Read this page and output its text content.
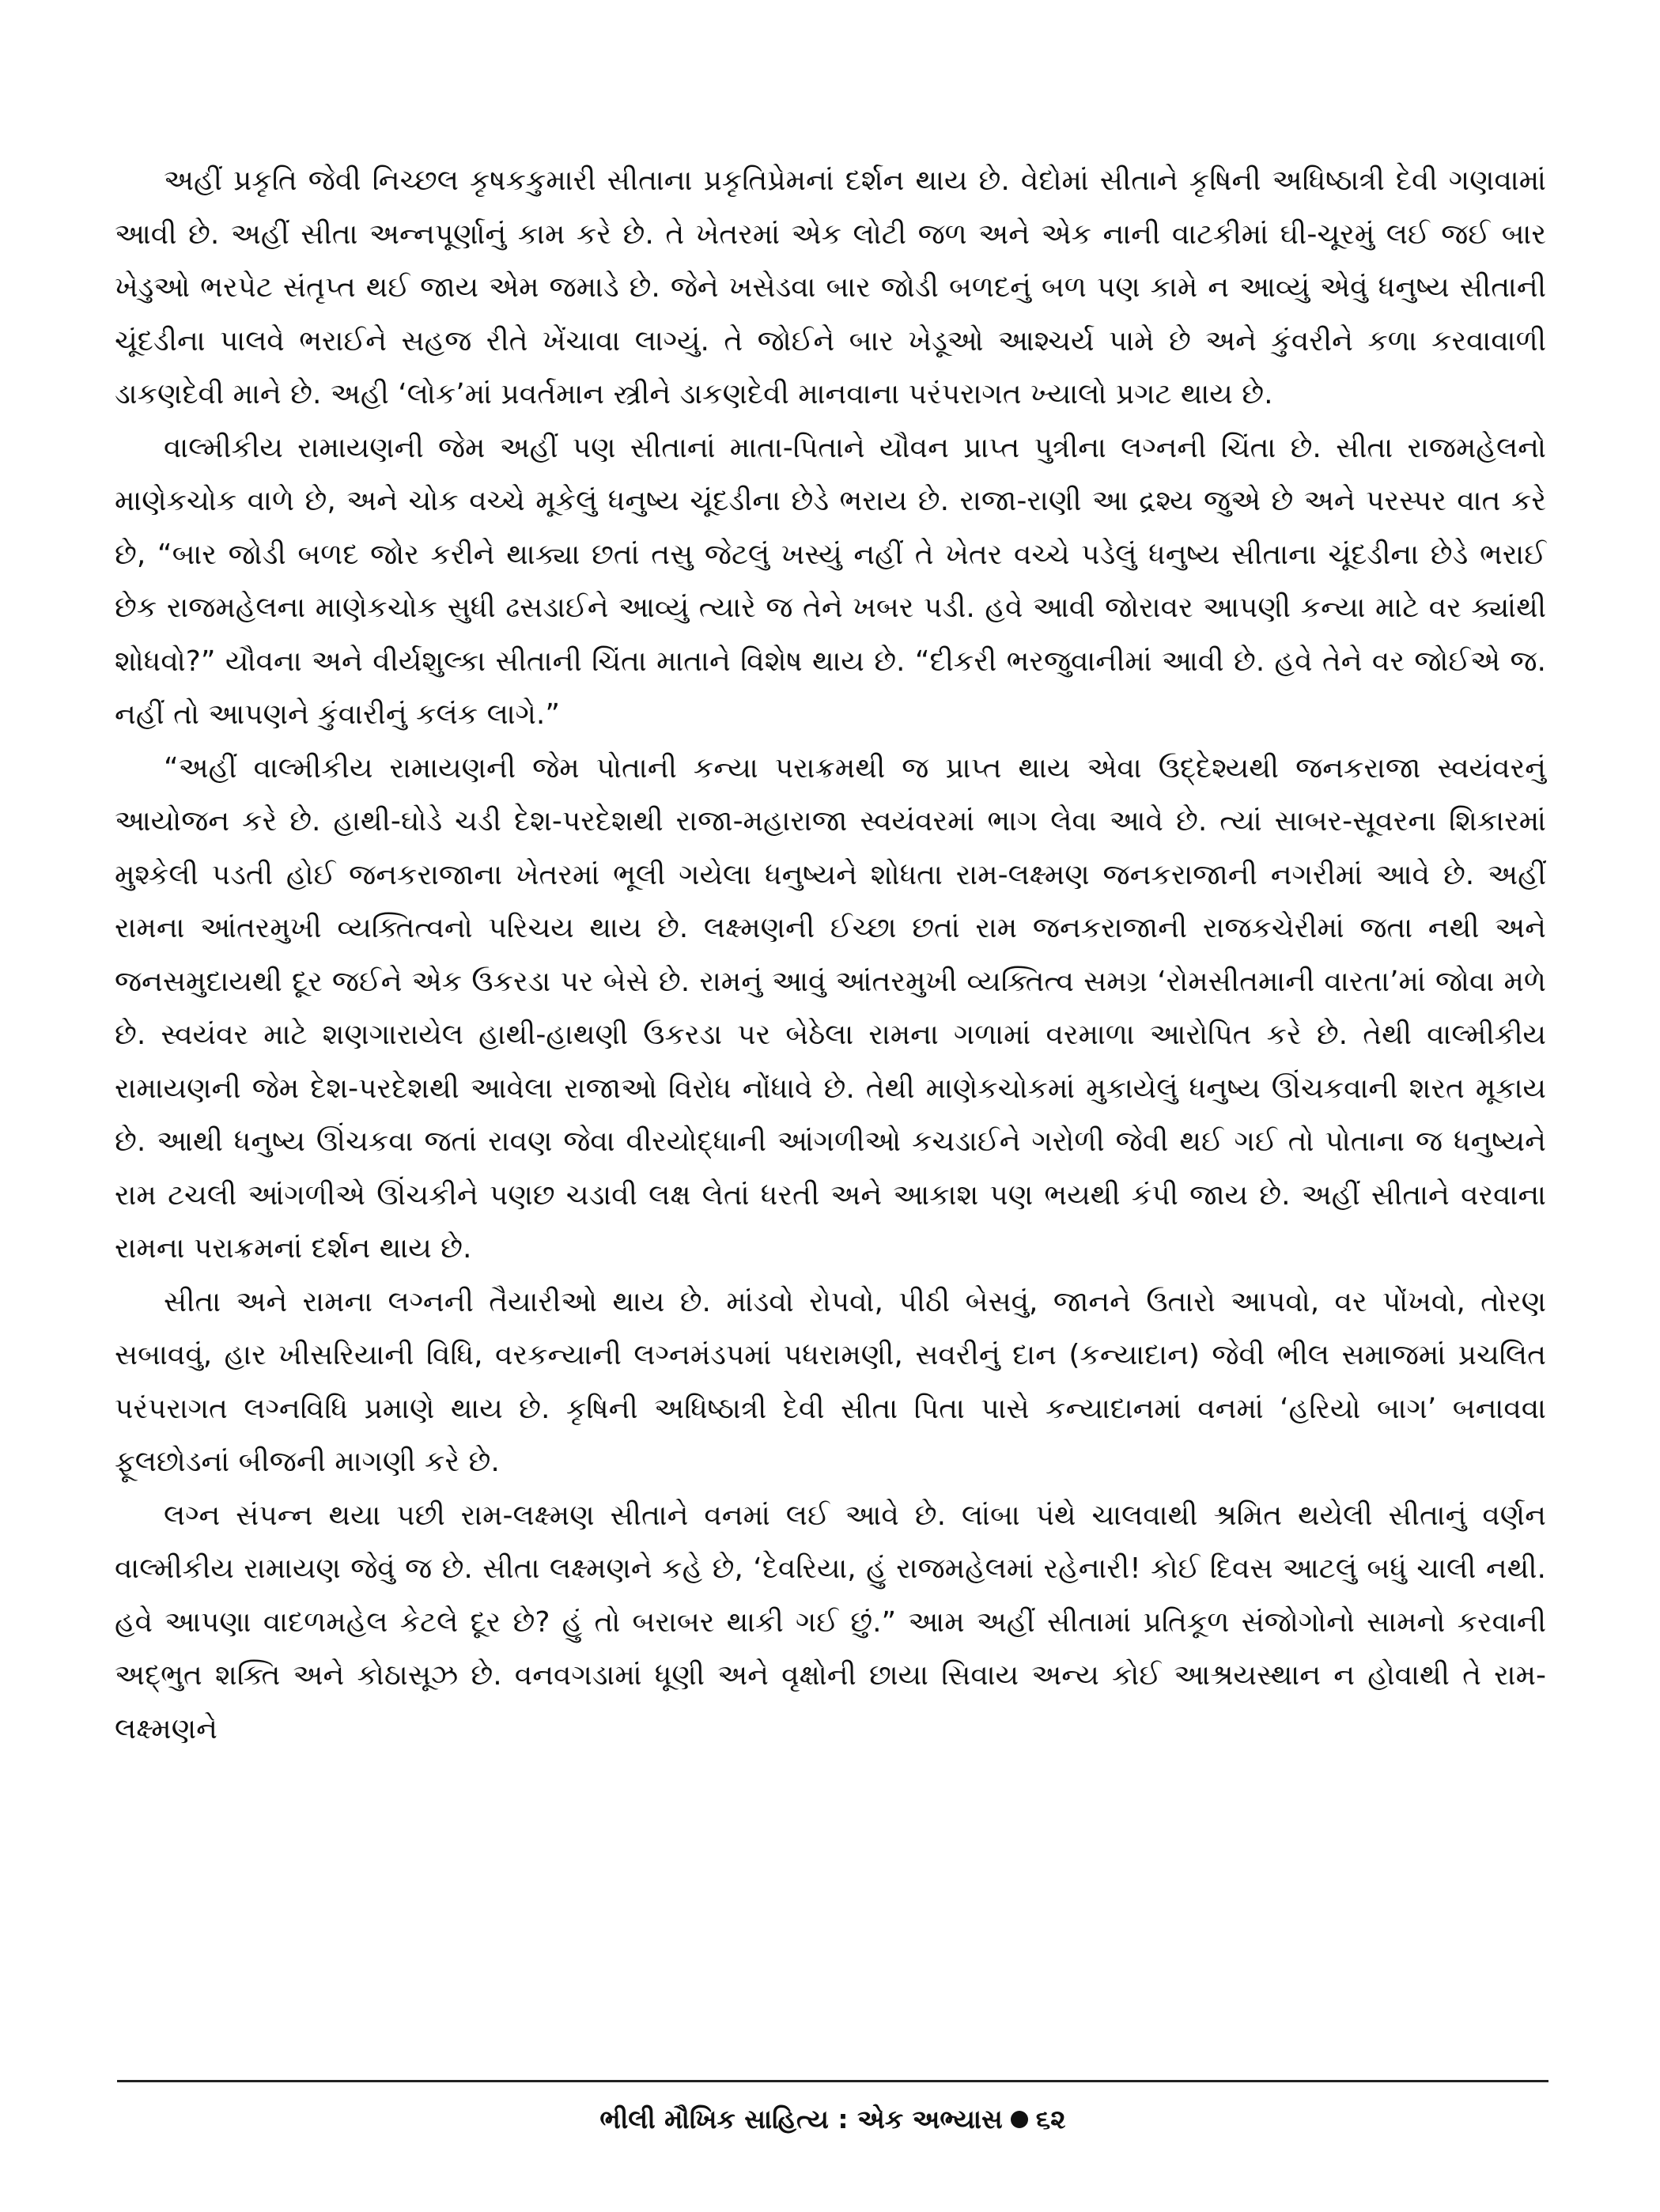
અહીં પ્રકૃતિ જેવી નિચ્છલ કૃષકકુમારી સીતાના પ્રકૃતિપ્રેમનાં દર્શન થાય છે. વેદોમાં સીતાને કૃષિની અધિષ્ઠાત્રી દેવી ગણવામાં આવી છે. અહીં સીતા અન્નપૂર્ણાનું કામ કરે છે. તે ખેતરમાં એક લોટી જળ અને એક નાની વાટકીમાં ઘી-ચૂરમું લઈ જઈ બાર ખેડુઓ ભરપેટ સંતૃપ્ત થઈ જાય એમ જમાડે છે. જેને ખસેડવા બાર જોડી બળદનું બળ પણ કામે ન આવ્યું એવું ધનુષ્ય સીતાની ચૂંદડીના પાલવે ભરાઈને સહજ રીતે ખેંચાવા લાગ્યું. તે જોઈને બાર ખેડૂઓ આશ્ચર્ય પામે છે અને કુંવરીને કળા કરવાવાળી ડાકણદેવી માને છે. અહી ‘લોક’માં પ્રવર્તમાન સ્ત્રીને ડાકણદેવી માનવાના પરંપરાગત ખ્યાલો પ્રગટ થાય છે.

વાલ્મીકીય રામાયણની જેમ અહીં પણ સીતાનાં માતા-પિતાને યૌવન પ્રાપ્ત પુત્રીના લગ્નની ચિંતા છે. સીતા રાજમહેલનો માણેકચોક વાળે છે, અને ચોક વચ્ચે મૂકેલું ધનુષ્ય ચૂંદડીના છેડે ભરાય છે. રાજા-રાણી આ દ્રશ્ય જુએ છે અને પરસ્પર વાત કરે છે, “બાર જોડી બળદ જોર કરીને થાક્યા છતાં તસુ જેટલું ખસ્યું નહીં તે ખેતર વચ્ચે પડેલું ધનુષ્ય સીતાના ચૂંદડીના છેડે ભરાઈ છેક રાજમહેલના માણેકચોક સુધી ઢસડાઈને આવ્યું ત્યારે જ તેને ખબર પડી. હવે આવી જોરાવર આપણી કન્યા માટે વર ક્યાંથી શોધવો?” યૌવના અને વીર્યશુલ્કા સીતાની ચિંતા માતાને વિશેષ થાય છે. “દીકરી ભરજુવાનીમાં આવી છે. હવે તેને વર જોઈએ જ. નહીં તો આપણને કુંવારીનું કલંક લાગે.”

“અહીં વાલ્મીકીય રામાયણની જેમ પોતાની કન્યા પરાક્રમથી જ પ્રાપ્ત થાય એવા ઉદ્દેશ્યથી જનકરાજા સ્વયંવરનું આયોજન કરે છે. હાથી-ઘોડે ચડી દેશ-પરદેશથી રાજા-મહારાજા સ્વયંવરમાં ભાગ લેવા આવે છે. ત્યાં સાબર-સૂવરના શિકારમાં મુશ્કેલી પડતી હોઈ જનકરાજાના ખેતરમાં ભૂલી ગયેલા ધનુષ્યને શોધતા રામ-લક્ષ્મણ જનકરાજાની નગરીમાં આવે છે. અહીં રામના આંતરમુખી વ્યક્તિત્વનો પરિચય થાય છે. લક્ષ્મણની ઈચ્છા છતાં રામ જનકરાજાની રાજકચેરીમાં જતા નથી અને જનસમુદાયથી દૂર જઈને એક ઉકરડા પર બેસે છે. રામનું આવું આંતરમુખી વ્યક્તિત્વ સમગ્ર ‘રોમસીતમાની વારતા’માં જોવા મળે છે. સ્વયંવર માટે શણગારાયેલ હાથી-હાથણી ઉકરડા પર બેઠેલા રામના ગળામાં વરમાળા આરોપિત કરે છે. તેથી વાલ્મીકીય રામાયણની જેમ દેશ-પરદેશથી આવેલા રાજાઓ વિરોધ નોંધાવે છે. તેથી માણેકચોકમાં મુકાયેલું ધનુષ્ય ઊંચકવાની શરત મૂકાય છે. આથી ધનુષ્ય ઊંચકવા જતાં રાવણ જેવા વીરયોદ્ધાની આંગળીઓ કચડાઈને ગરોળી જેવી થઈ ગઈ તો પોતાના જ ધનુષ્યને રામ ટચલી આંગળીએ ઊંચકીને પણછ ચડાવી લક્ષ લેતાં ધરતી અને આકાશ પણ ભયથી કંપી જાય છે. અહીં સીતાને વરવાના રામના પરાક્રમનાં દર્શન થાય છે.

સીતા અને રામના લગ્નની તૈયારીઓ થાય છે. માંડવો રોપવો, પીઠી બેસવું, જાનને ઉતારો આપવો, વર પોંખવો, તોરણ સબાવવું, હાર ખીસરિયાની વિધિ, વરકન્યાની લગ્નમંડપમાં પધરામણી, સવરીનું દાન (કન્યાદાન) જેવી ભીલ સમાજમાં પ્રચલિત પરંપરાગત લગ્નવિધિ પ્રમાણે થાય છે. કૃષિની અધિષ્ઠાત્રી દેવી સીતા પિતા પાસે કન્યાદાનમાં વનમાં ‘હરિયો બાગ’ બનાવવા ફૂલછોડનાં બીજની માગણી કરે છે.

લગ્ન સંપન્ન થયા પછી રામ-લક્ષ્મણ સીતાને વનમાં લઈ આવે છે. લાંબા પંથે ચાલવાથી શ્રમિત થયેલી સીતાનું વર્ણન વાલ્મીકીય રામાયણ જેવું જ છે. સીતા લક્ષ્મણને કહે છે, ‘દેવરિયા, હું રાજમહેલમાં રહેનારી! કોઈ દિવસ આટલું બધું ચાલી નથી. હવે આપણા વાદળમહેલ કેટલે દૂર છે? હું તો બરાબર થાકી ગઈ છું.” આમ અહીં સીતામાં પ્રતિકૂળ સંજોગોનો સામનો કરવાની અદ્‌ભુત શક્તિ અને કોઠાસૂઝ છે. વનવગડામાં ધૂણી અને વૃક્ષોની છાયા સિવાય અન્ય કોઈ આશ્રયસ્થાન ન હોવાથી તે રામ-લક્ષ્મણને

ભીલી મૌખિક સાહિત્ય : એક અભ્યાસ ૬૨
